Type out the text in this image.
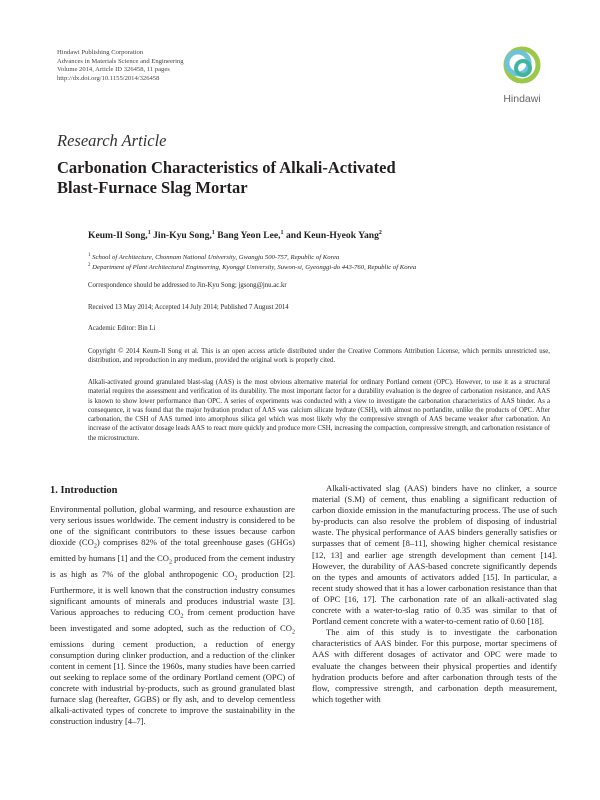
Hindawi Publishing Corporation
Advances in Materials Science and Engineering
Volume 2014, Article ID 326458, 11 pages
http://dx.doi.org/10.1155/2014/326458
Hindawi
Research Article
Carbonation Characteristics of Alkali-Activated
Blast-Furnace Slag Mortar
Keum-Il Song,$^1$ Jin-Kyu Song,$^1$ Bang Yeon Lee,$^1$ and Keun-Hyeok Yang$^2$
$^1$ School of Architecture, Chonnam National University, Gwangju 500-757, Republic of Korea
$^2$ Department of Plant Architectural Engineering, Kyonggi University, Suwon-si, Gyeonggi-do 443-760, Republic of Korea
Correspondence should be addressed to Jin-Kyu Song; jgsong@jnu.ac.kr
Received 13 May 2014; Accepted 14 July 2014; Published 7 August 2014
Academic Editor: Bin Li
Copyright © 2014 Keum-Il Song et al. This is an open access article distributed under the Creative Commons Attribution License, which permits unrestricted use, distribution, and reproduction in any medium, provided the original work is properly cited.
Alkali-activated ground granulated blast-slag (AAS) is the most obvious alternative material for ordinary Portland cement (OPC). However, to use it as a structural material requires the assessment and verification of its durability. The most important factor for a durability evaluation is the degree of carbonation resistance, and AAS is known to show lower performance than OPC. A series of experiments was conducted with a view to investigate the carbonation characteristics of AAS binder. As a consequence, it was found that the major hydration product of AAS was calcium silicate hydrate (CSH), with almost no portlandite, unlike the products of OPC. After carbonation, the CSH of AAS turned into amorphous silica gel which was most likely why the compressive strength of AAS became weaker after carbonation. An increase of the activator dosage leads AAS to react more quickly and produce more CSH, increasing the compaction, compressive strength, and carbonation resistance of the microstructure.
1. Introduction

Environmental pollution, global warming, and resource exhaustion are very serious issues worldwide. The cement industry is considered to be one of the significant contributors to these issues because carbon dioxide $(CO_2)$ comprises 82% of the total greenhouse gases (GHGs) emitted by humans [1] and the $CO_2$ produced from the cement industry is as high as 7% of the global anthropogenic $CO_2$ production [2]. Furthermore, it is well known that the construction industry consumes significant amounts of minerals and produces industrial waste [3]. Various approaches to reducing $CO_2$ from cement production have been investigated and some adopted, such as the reduction of $CO_2$ emissions during cement production, a reduction of energy consumption during clinker production, and a reduction of the clinker content in cement [1]. Since the 1960s, many studies have been carried out seeking to replace some of the ordinary Portland cement (OPC) of concrete with industrial by-products, such as ground granulated blast furnace slag (hereafter, GGBS) or fly ash, and to develop cementless alkali-activated types of concrete to improve the sustainability in the construction industry [4–7].

Alkali-activated slag (AAS) binders have no clinker, a source material (S.M) of cement, thus enabling a significant reduction of carbon dioxide emission in the manufacturing process. The use of such by-products can also resolve the problem of disposing of industrial waste. The physical performance of AAS binders generally satisfies or surpasses that of cement [8–11], showing higher chemical resistance [12, 13] and earlier age strength development than cement [14]. However, the durability of AAS-based concrete significantly depends on the types and amounts of activators added [15]. In particular, a recent study showed that it has a lower carbonation resistance than that of OPC [16, 17]. The carbonation rate of an alkali-activated slag concrete with a water-to-slag ratio of 0.35 was similar to that of Portland cement concrete with a water-to-cement ratio of 0.60 [18].

The aim of this study is to investigate the carbonation characteristics of AAS binder. For this purpose, mortar specimens of AAS with different dosages of activator and OPC were made to evaluate the changes between their physical properties and identify hydration products before and after carbonation through tests of the flow, compressive strength, and carbonation depth measurement, which together with
